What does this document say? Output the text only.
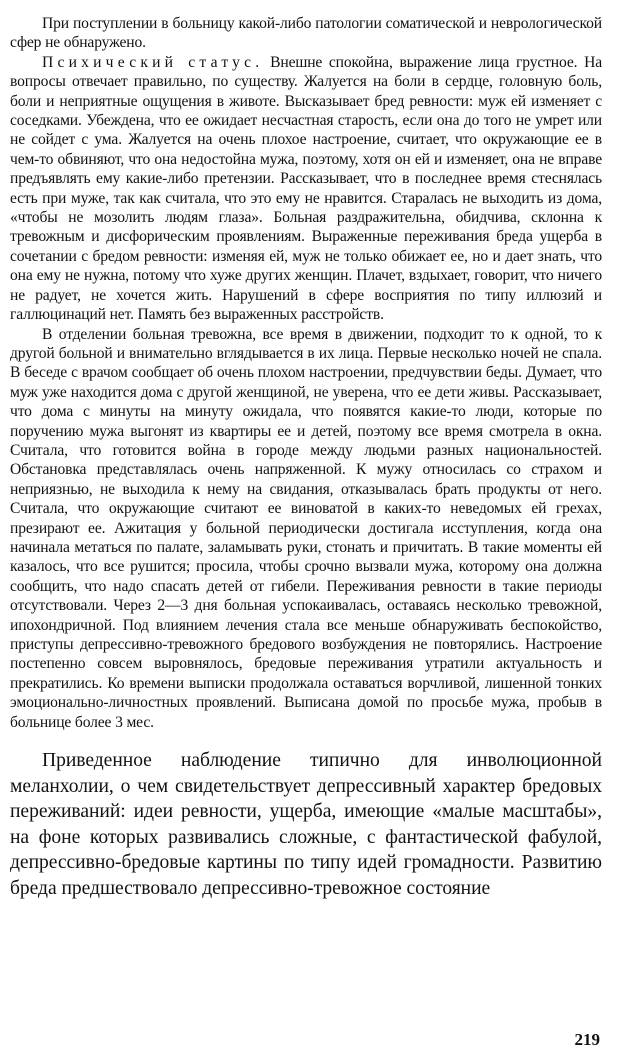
При поступлении в больницу какой-либо патологии соматической и неврологической сфер не обнаружено.

Психический статус. Внешне спокойна, выражение лица грустное. На вопросы отвечает правильно, по существу. Жалуется на боли в сердце, головную боль, боли и неприятные ощущения в животе. Высказывает бред ревности: муж ей изменяет с соседками. Убеждена, что ее ожидает несчастная старость, если она до того не умрет или не сойдет с ума. Жалуется на очень плохое настроение, считает, что окружающие ее в чем-то обвиняют, что она недостойна мужа, поэтому, хотя он ей и изменяет, она не вправе предъявлять ему какие-либо претензии. Рассказывает, что в последнее время стеснялась есть при муже, так как считала, что это ему не нравится. Старалась не выходить из дома, «чтобы не мозолить людям глаза». Больная раздражительна, обидчива, склонна к тревожным и дисфорическим проявлениям. Выраженные переживания бреда ущерба в сочетании с бредом ревности: изменяя ей, муж не только обижает ее, но и дает знать, что она ему не нужна, потому что хуже других женщин. Плачет, вздыхает, говорит, что ничего не радует, не хочется жить. Нарушений в сфере восприятия по типу иллюзий и галлюцинаций нет. Память без выраженных расстройств.

В отделении больная тревожна, все время в движении, подходит то к одной, то к другой больной и внимательно вглядывается в их лица. Первые несколько ночей не спала. В беседе с врачом сообщает об очень плохом настроении, предчувствии беды. Думает, что муж уже находится дома с другой женщиной, не уверена, что ее дети живы. Рассказывает, что дома с минуты на минуту ожидала, что появятся какие-то люди, которые по поручению мужа выгонят из квартиры ее и детей, поэтому все время смотрела в окна. Считала, что готовится война в городе между людьми разных национальностей. Обстановка представлялась очень напряженной. К мужу относилась со страхом и неприязнью, не выходила к нему на свидания, отказывалась брать продукты от него. Считала, что окружающие считают ее виноватой в каких-то неведомых ей грехах, презирают ее. Ажитация у больной периодически достигала исступления, когда она начинала метаться по палате, заламывать руки, стонать и причитать. В такие моменты ей казалось, что все рушится; просила, чтобы срочно вызвали мужа, которому она должна сообщить, что надо спасать детей от гибели. Переживания ревности в такие периоды отсутствовали. Через 2—3 дня больная успокаивалась, оставаясь несколько тревожной, ипохондричной. Под влиянием лечения стала все меньше обнаруживать беспокойство, приступы депрессивно-тревожного бредового возбуждения не повторялись. Настроение постепенно совсем выровнялось, бредовые переживания утратили актуальность и прекратились. Ко времени выписки продолжала оставаться ворчливой, лишенной тонких эмоционально-личностных проявлений. Выписана домой по просьбе мужа, пробыв в больнице более 3 мес.

Приведенное наблюдение типично для инволюционной меланхолии, о чем свидетельствует депрессивный характер бредовых переживаний: идеи ревности, ущерба, имеющие «малые масштабы», на фоне которых развивались сложные, с фантастической фабулой, депрессивно-бредовые картины по типу идей громадности. Развитию бреда предшествовало депрессивно-тревожное состояние

219
